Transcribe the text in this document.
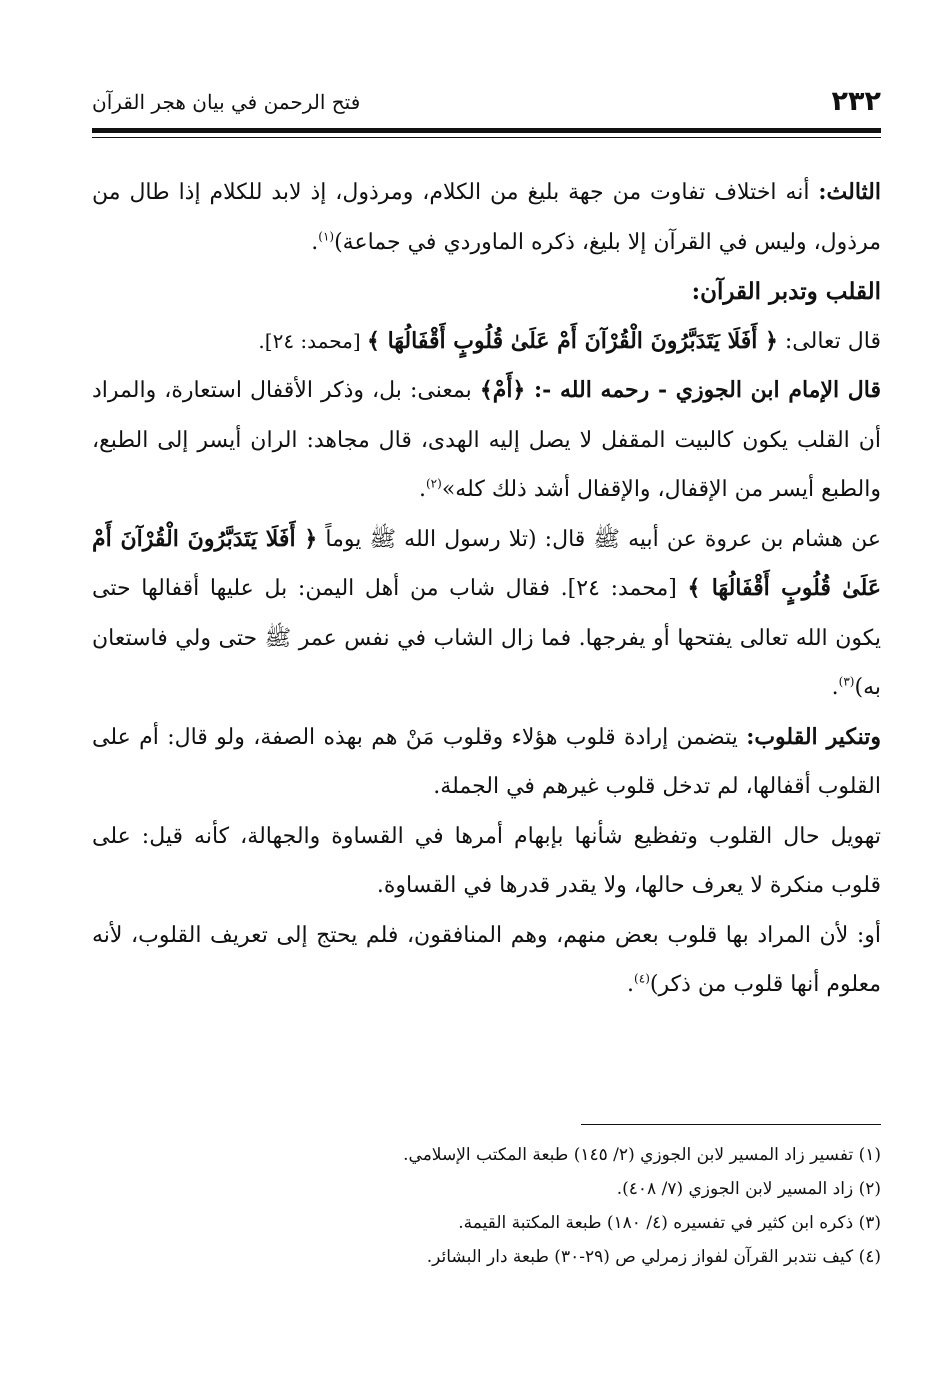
٢٣٢
فتح الرحمن في بيان هجر القرآن

الثالث: أنه اختلاف تفاوت من جهة بليغ من الكلام، ومرذول، إذ لابد للكلام إذا طال من مرذول، وليس في القرآن إلا بليغ، ذكره الماوردي في جماعة)$^{(١)}$.

القلب وتدبر القرآن:

قال تعالى: ﴿ أَفَلَا يَتَدَبَّرُونَ الْقُرْآنَ أَمْ عَلَىٰ قُلُوبٍ أَقْفَالُهَا ﴾ [محمد: ٢٤].

قال الإمام ابن الجوزي - رحمه الله -: ﴿أَمْ﴾ بمعنى: بل، وذكر الأقفال استعارة، والمراد أن القلب يكون كالبيت المقفل لا يصل إليه الهدى، قال مجاهد: الران أيسر إلى الطبع، والطبع أيسر من الإقفال، والإقفال أشد ذلك كله»$^{(٢)}$.

عن هشام بن عروة عن أبيه ﷺ قال: (تلا رسول الله ﷺ يوماً ﴿ أَفَلَا يَتَدَبَّرُونَ الْقُرْآنَ أَمْ عَلَىٰ قُلُوبٍ أَقْفَالُهَا ﴾ [محمد: ٢٤]. فقال شاب من أهل اليمن: بل عليها أقفالها حتى يكون الله تعالى يفتحها أو يفرجها. فما زال الشاب في نفس عمر ﷺ حتى ولي فاستعان به)$^{(٣)}$.

وتنكير القلوب: يتضمن إرادة قلوب هؤلاء وقلوب مَنْ هم بهذه الصفة، ولو قال: أم على القلوب أقفالها، لم تدخل قلوب غيرهم في الجملة.

تهويل حال القلوب وتفظيع شأنها بإبهام أمرها في القساوة والجهالة، كأنه قيل: على قلوب منكرة لا يعرف حالها، ولا يقدر قدرها في القساوة.

أو: لأن المراد بها قلوب بعض منهم، وهم المنافقون، فلم يحتج إلى تعريف القلوب، لأنه معلوم أنها قلوب من ذكر)$^{(٤)}$.

(١) تفسير زاد المسير لابن الجوزي (٢/ ١٤٥) طبعة المكتب الإسلامي.

(٢) زاد المسير لابن الجوزي (٧/ ٤٠٨).

(٣) ذكره ابن كثير في تفسيره (٤/ ١٨٠) طبعة المكتبة القيمة.

(٤) كيف نتدبر القرآن لفواز زمرلي ص (٢٩-٣٠) طبعة دار البشائر.
